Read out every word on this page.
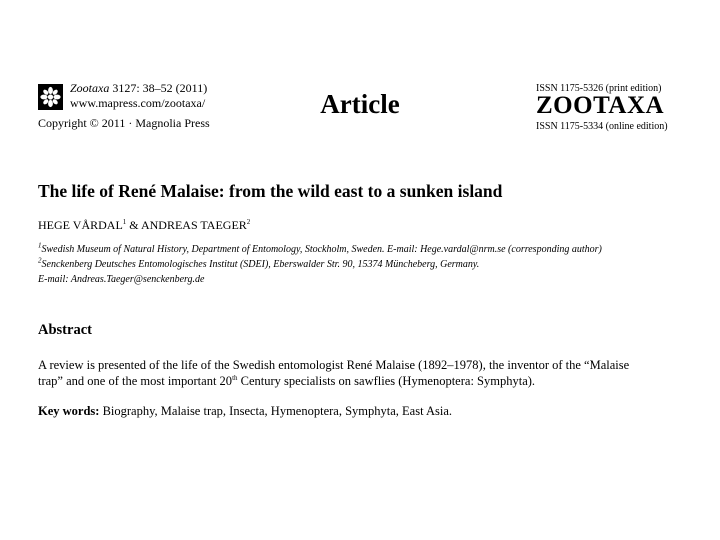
Zootaxa 3127: 38–52 (2011)
www.mapress.com/zootaxa/
Copyright © 2011 · Magnolia Press
Article
ISSN 1175-5326 (print edition)
ZOOTAXA
ISSN 1175-5334 (online edition)
The life of René Malaise: from the wild east to a sunken island
HEGE VÅRDAL$^1$ & ANDREAS TAEGER$^2$
$^1$Swedish Museum of Natural History, Department of Entomology, Stockholm, Sweden. E-mail: Hege.vardal@nrm.se (corresponding author)
$^2$Senckenberg Deutsches Entomologisches Institut (SDEI), Eberswalder Str. 90, 15374 Müncheberg, Germany.
E-mail: Andreas.Taeger@senckenberg.de
Abstract
A review is presented of the life of the Swedish entomologist René Malaise (1892–1978), the inventor of the “Malaise
trap” and one of the most important 20th Century specialists on sawflies (Hymenoptera: Symphyta).
Key words: Biography, Malaise trap, Insecta, Hymenoptera, Symphyta, East Asia.
